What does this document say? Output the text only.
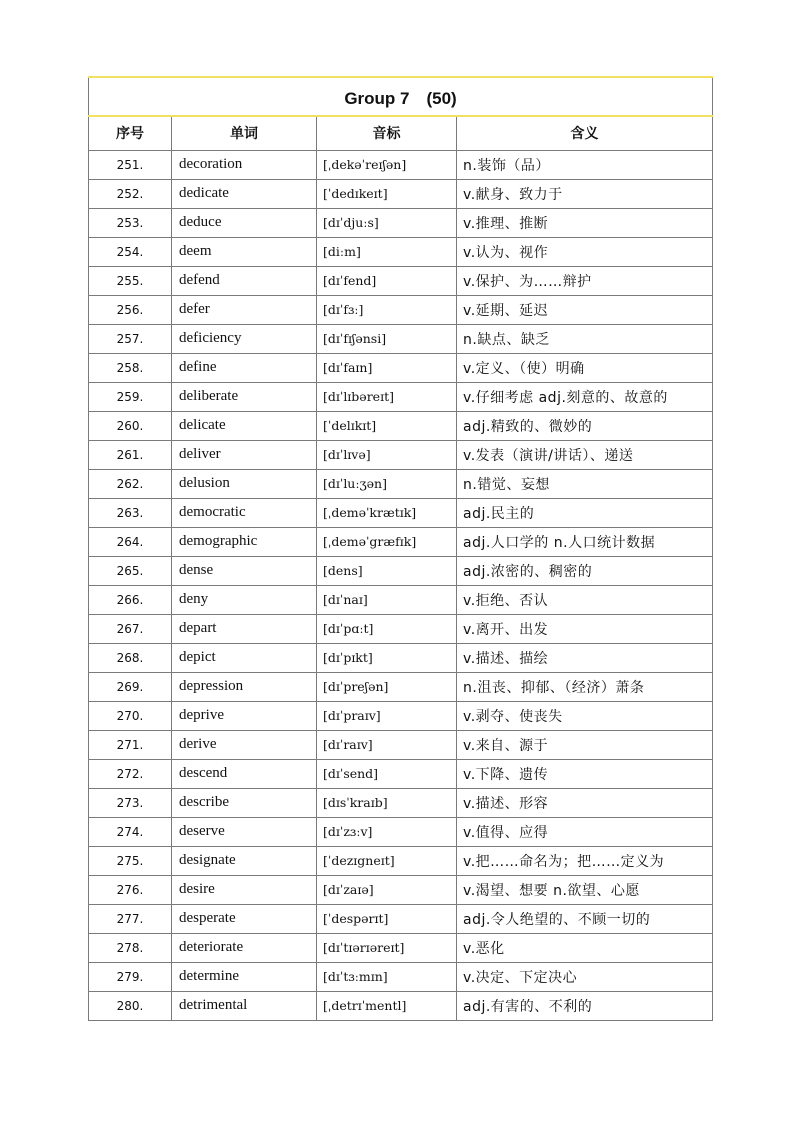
Group 7　(50)			
序号	单词	音标	含义
251.	decoration	[ˌdekəˈreɪʃən]	n.装饰（品）
252.	dedicate	[ˈdedɪkeɪt]	v.献身、致力于
253.	deduce	[dɪˈdjuːs]	v.推理、推断
254.	deem	[diːm]	v.认为、视作
255.	defend	[dɪˈfend]	v.保护、为……辩护
256.	defer	[dɪˈfɜː]	v.延期、延迟
257.	deficiency	[dɪˈfɪʃənsi]	n.缺点、缺乏
258.	define	[dɪˈfaɪn]	v.定义、（使）明确
259.	deliberate	[dɪˈlɪbəreɪt]	v.仔细考虑 adj.刻意的、故意的
260.	delicate	[ˈdelɪkɪt]	adj.精致的、微妙的
261.	deliver	[dɪˈlɪvə]	v.发表（演讲/讲话）、递送
262.	delusion	[dɪˈluːʒən]	n.错觉、妄想
263.	democratic	[ˌdeməˈkrætɪk]	adj.民主的
264.	demographic	[ˌdeməˈgræfɪk]	adj.人口学的 n.人口统计数据
265.	dense	[dens]	adj.浓密的、稠密的
266.	deny	[dɪˈnaɪ]	v.拒绝、否认
267.	depart	[dɪˈpɑːt]	v.离开、出发
268.	depict	[dɪˈpɪkt]	v.描述、描绘
269.	depression	[dɪˈpreʃən]	n.沮丧、抑郁、（经济）萧条
270.	deprive	[dɪˈpraɪv]	v.剥夺、使丧失
271.	derive	[dɪˈraɪv]	v.来自、源于
272.	descend	[dɪˈsend]	v.下降、遗传
273.	describe	[dɪsˈkraɪb]	v.描述、形容
274.	deserve	[dɪˈzɜːv]	v.值得、应得
275.	designate	[ˈdezɪgneɪt]	v.把……命名为；把……定义为
276.	desire	[dɪˈzaɪə]	v.渴望、想要 n.欲望、心愿
277.	desperate	[ˈdespərɪt]	adj.令人绝望的、不顾一切的
278.	deteriorate	[dɪˈtɪərɪəreɪt]	v.恶化
279.	determine	[dɪˈtɜːmɪn]	v.决定、下定决心
280.	detrimental	[ˌdetrɪˈmentl]	adj.有害的、不利的
